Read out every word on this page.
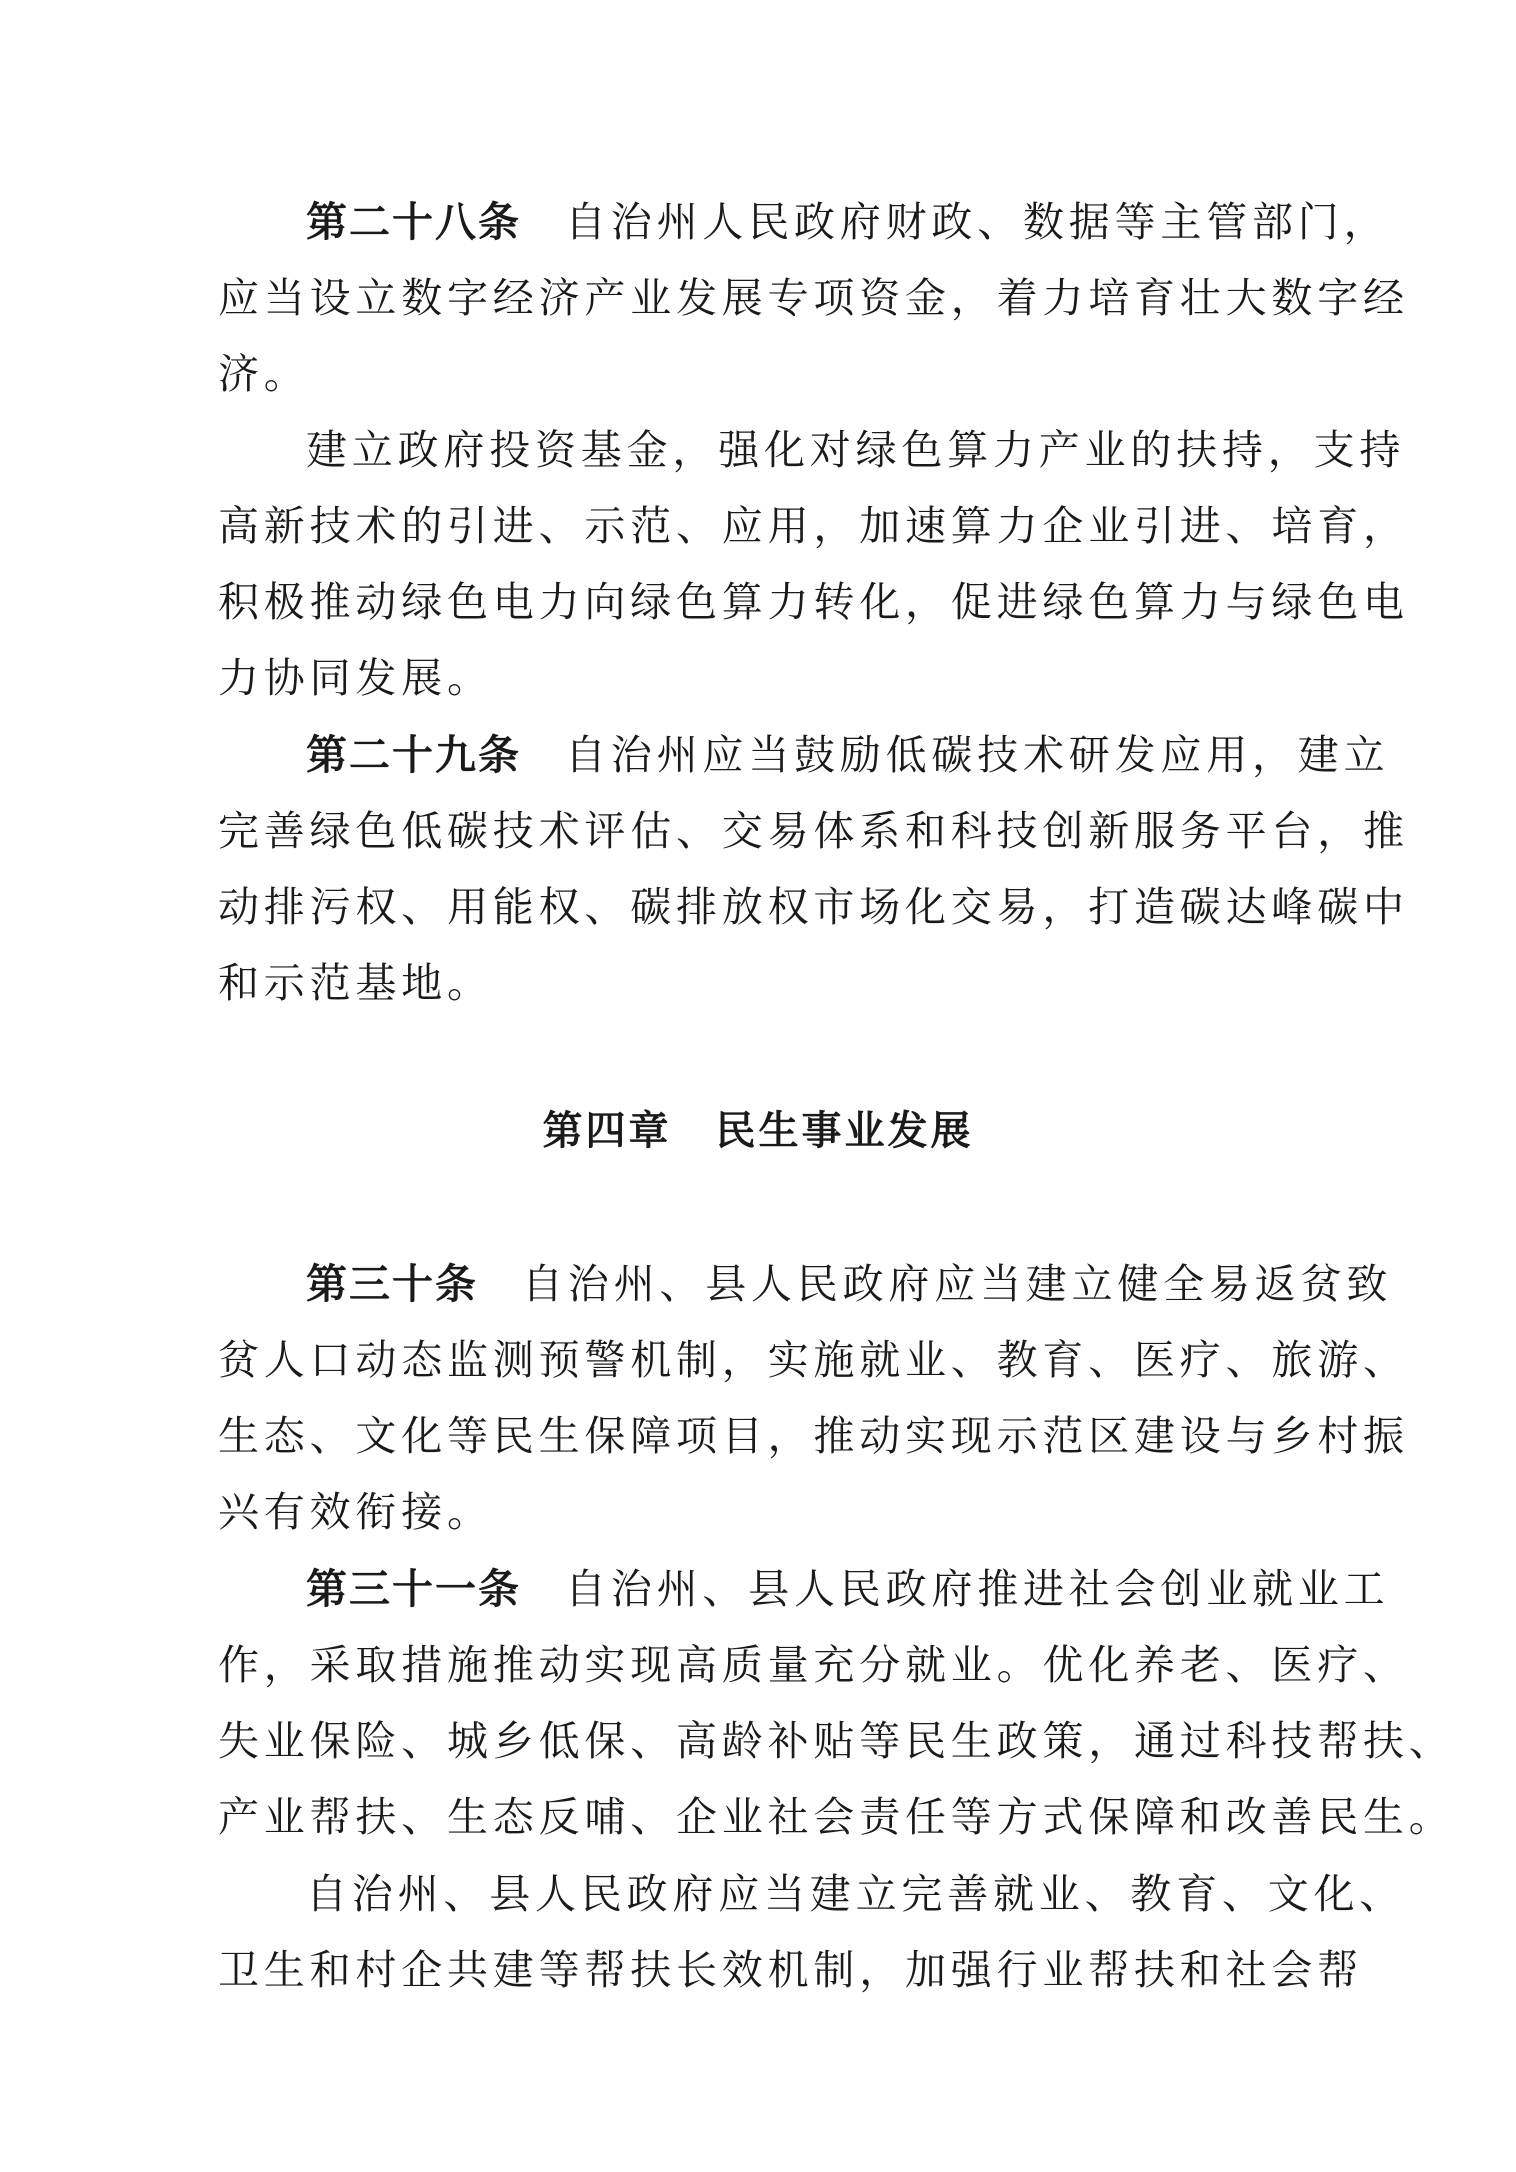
第二十八条 自治州人民政府财政、数据等主管部门，

应当设立数字经济产业发展专项资金，着力培育壮大数字经

济。

建立政府投资基金，强化对绿色算力产业的扶持，支持

高新技术的引进、示范、应用，加速算力企业引进、培育，

积极推动绿色电力向绿色算力转化，促进绿色算力与绿色电

力协同发展。

第二十九条 自治州应当鼓励低碳技术研发应用，建立

完善绿色低碳技术评估、交易体系和科技创新服务平台，推

动排污权、用能权、碳排放权市场化交易，打造碳达峰碳中

和示范基地。

第四章 民生事业发展

第三十条 自治州、县人民政府应当建立健全易返贫致

贫人口动态监测预警机制，实施就业、教育、医疗、旅游、

生态、文化等民生保障项目，推动实现示范区建设与乡村振

兴有效衔接。

第三十一条 自治州、县人民政府推进社会创业就业工

作，采取措施推动实现高质量充分就业。优化养老、医疗、

失业保险、城乡低保、高龄补贴等民生政策，通过科技帮扶、

产业帮扶、生态反哺、企业社会责任等方式保障和改善民生。

自治州、县人民政府应当建立完善就业、教育、文化、

卫生和村企共建等帮扶长效机制，加强行业帮扶和社会帮
